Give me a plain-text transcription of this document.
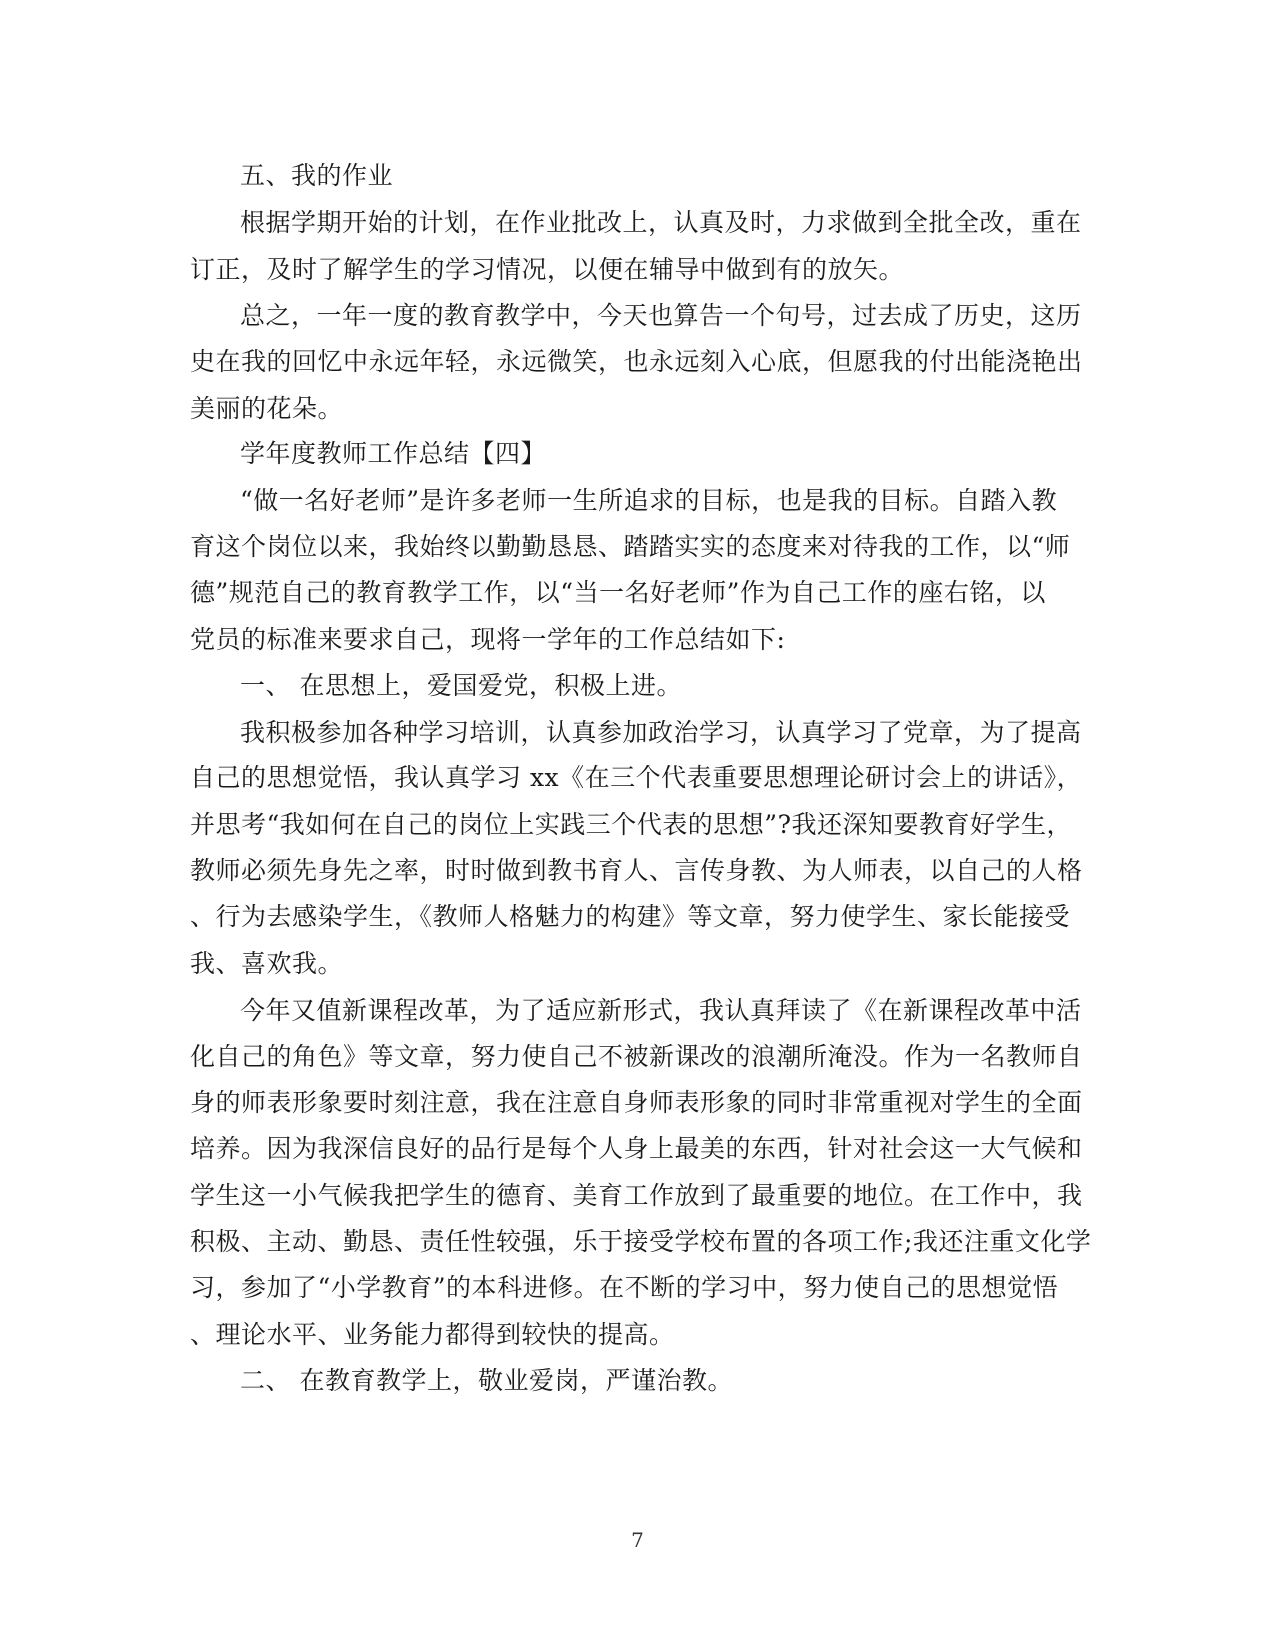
五、我的作业
根据学期开始的计划，在作业批改上，认真及时，力求做到全批全改，重在
订正，及时了解学生的学习情况，以便在辅导中做到有的放矢。
总之，一年一度的教育教学中，今天也算告一个句号，过去成了历史，这历
史在我的回忆中永远年轻，永远微笑，也永远刻入心底，但愿我的付出能浇艳出
美丽的花朵。
学年度教师工作总结【四】
“做一名好老师”是许多老师一生所追求的目标，也是我的目标。自踏入教
育这个岗位以来，我始终以勤勤恳恳、踏踏实实的态度来对待我的工作，以“师
德”规范自己的教育教学工作，以“当一名好老师”作为自己工作的座右铭，以
党员的标准来要求自己，现将一学年的工作总结如下:
一、 在思想上，爱国爱党，积极上进。
我积极参加各种学习培训，认真参加政治学习，认真学习了党章，为了提高
自己的思想觉悟，我认真学习 xx《在三个代表重要思想理论研讨会上的讲话》，
并思考“我如何在自己的岗位上实践三个代表的思想”?我还深知要教育好学生，
教师必须先身先之率，时时做到教书育人、言传身教、为人师表，以自己的人格
、行为去感染学生，《教师人格魅力的构建》等文章，努力使学生、家长能接受
我、喜欢我。
今年又值新课程改革，为了适应新形式，我认真拜读了《在新课程改革中活
化自己的角色》等文章，努力使自己不被新课改的浪潮所淹没。作为一名教师自
身的师表形象要时刻注意，我在注意自身师表形象的同时非常重视对学生的全面
培养。因为我深信良好的品行是每个人身上最美的东西，针对社会这一大气候和
学生这一小气候我把学生的德育、美育工作放到了最重要的地位。在工作中，我
积极、主动、勤恳、责任性较强，乐于接受学校布置的各项工作;我还注重文化学
习，参加了“小学教育”的本科进修。在不断的学习中，努力使自己的思想觉悟
、理论水平、业务能力都得到较快的提高。
二、 在教育教学上，敬业爱岗，严谨治教。
7
